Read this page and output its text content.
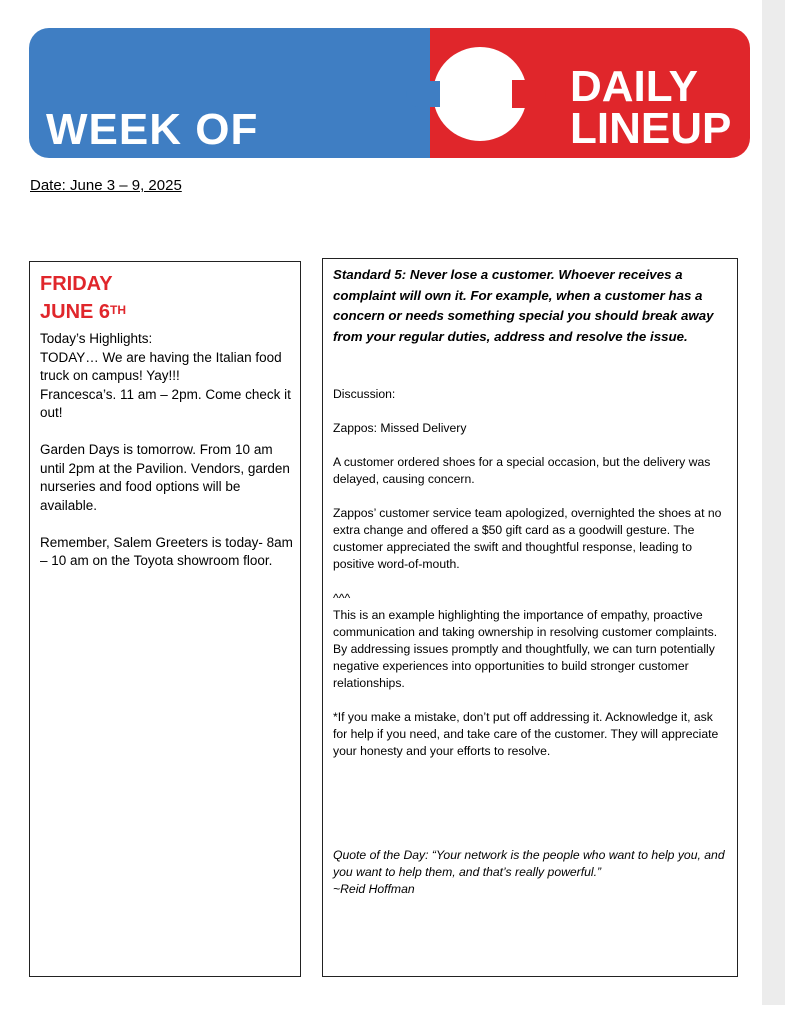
WEEK OF
DAILY
LINEUP
Date: June 3 – 9, 2025
FRIDAY
JUNE 6TH

Today’s Highlights:

TODAY… We are having the Italian food truck on campus! Yay!!!

Francesca’s. 11 am – 2pm. Come check it out!

Garden Days is tomorrow. From 10 am until 2pm at the Pavilion. Vendors, garden nurseries and food options will be available.

Remember, Salem Greeters is today- 8am – 10 am on the Toyota showroom floor.

Standard 5: Never lose a customer. Whoever receives a complaint will own it. For example, when a customer has a concern or needs something special you should break away from your regular duties, address and resolve the issue.

Discussion:

Zappos: Missed Delivery

A customer ordered shoes for a special occasion, but the delivery was delayed, causing concern.

Zappos’ customer service team apologized, overnighted the shoes at no extra change and offered a $50 gift card as a goodwill gesture. The customer appreciated the swift and thoughtful response, leading to positive word-of-mouth.

^^^

This is an example highlighting the importance of empathy, proactive communication and taking ownership in resolving customer complaints. By addressing issues promptly and thoughtfully, we can turn potentially negative experiences into opportunities to build stronger customer relationships.

*If you make a mistake, don’t put off addressing it. Acknowledge it, ask for help if you need, and take care of the customer. They will appreciate your honesty and your efforts to resolve.

Quote of the Day: “Your network is the people who want to help you, and you want to help them, and that’s really powerful.”

~Reid Hoffman
